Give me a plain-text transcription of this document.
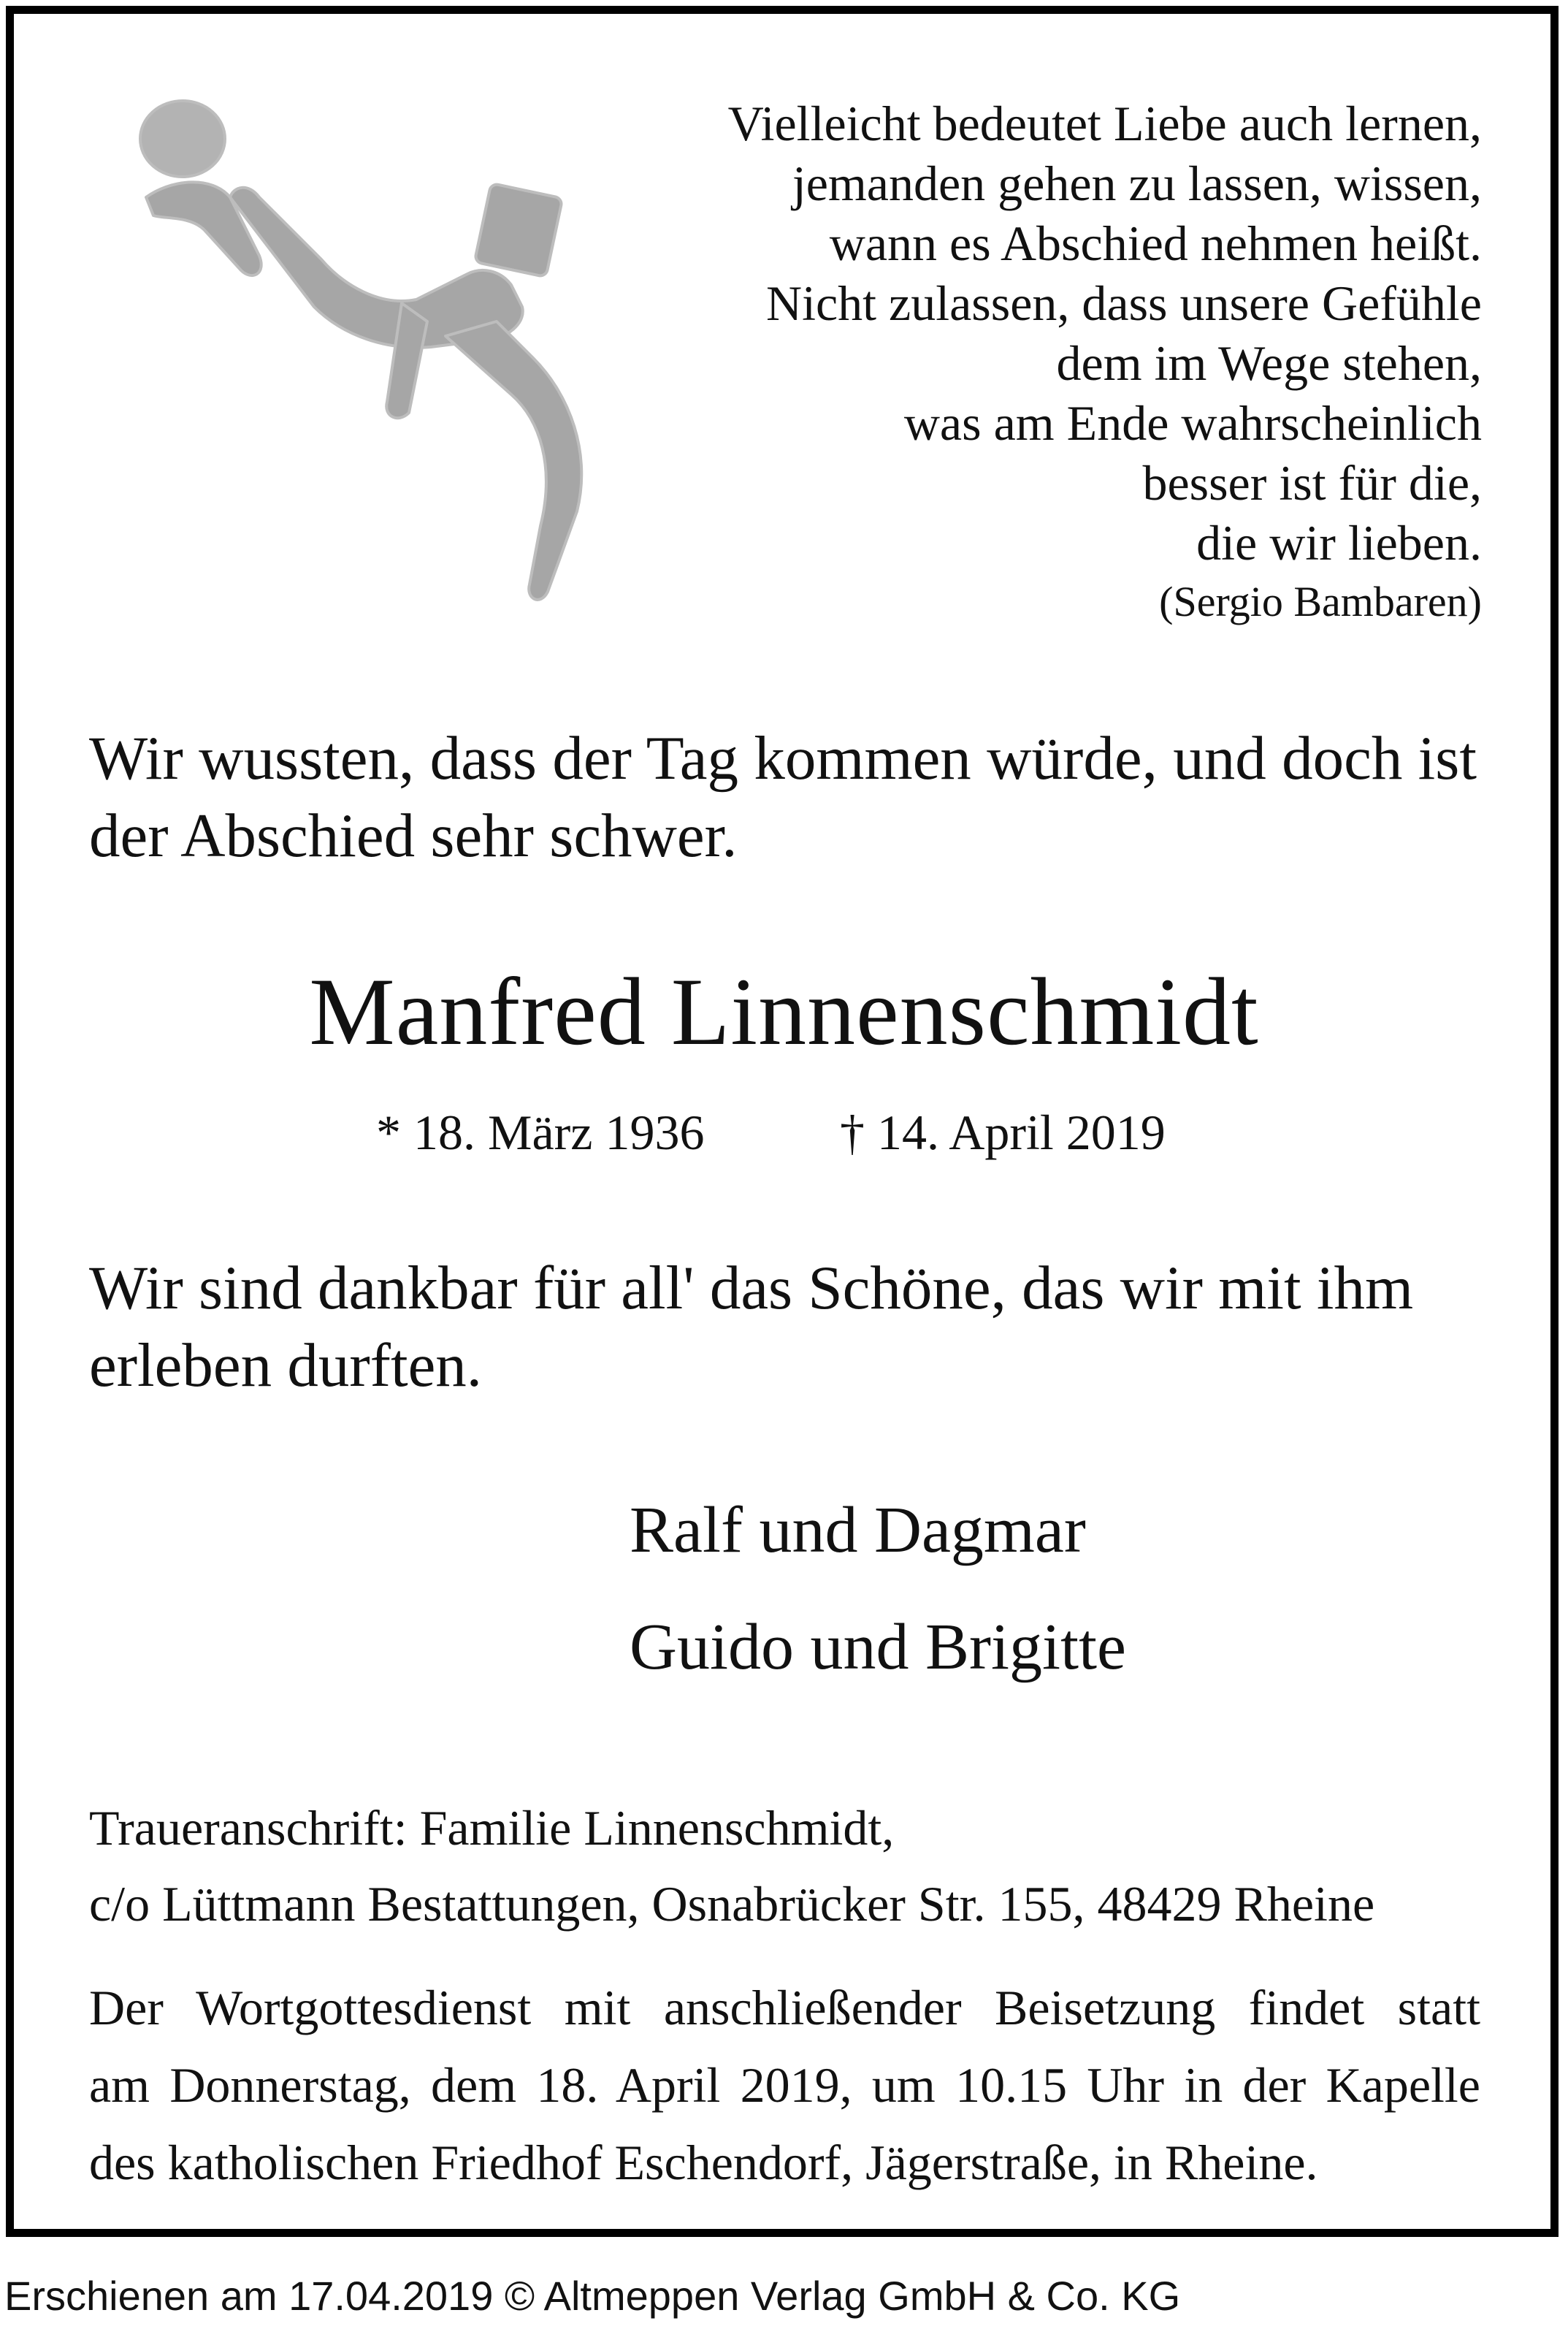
Vielleicht bedeutet Liebe auch lernen,
jemanden gehen zu lassen, wissen,
wann es Abschied nehmen heißt.
Nicht zulassen, dass unsere Gefühle
dem im Wege stehen,
was am Ende wahrscheinlich
besser ist für die,
die wir lieben.
(Sergio Bambaren)
Wir wussten, dass der Tag kommen würde, und doch ist der Abschied sehr schwer.
Manfred Linnenschmidt
* 18. März 1936	† 14. April 2019
Wir sind dankbar für all' das Schöne, das wir mit ihm erleben durften.
Ralf und Dagmar
Guido und Brigitte
Traueranschrift: Familie Linnenschmidt,
c/o Lüttmann Bestattungen, Osnabrücker Str. 155, 48429 Rheine
Der Wortgottesdienst mit anschließender Beisetzung findet statt
am Donnerstag, dem 18. April 2019, um 10.15 Uhr in der Kapelle
des katholischen Friedhof Eschendorf, Jägerstraße, in Rheine.
Erschienen am 17.04.2019 © Altmeppen Verlag GmbH & Co. KG
